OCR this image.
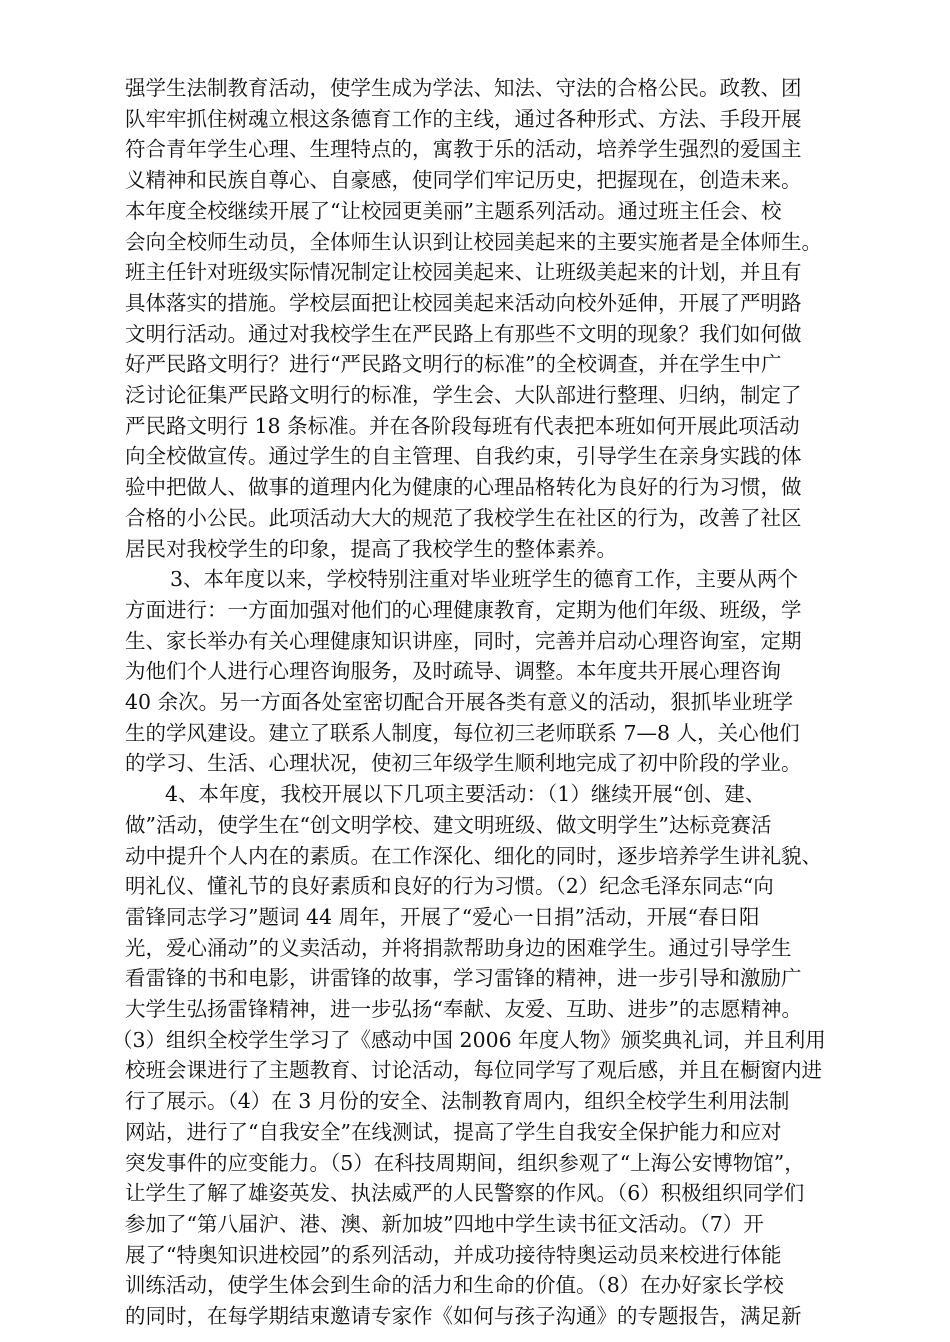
强学生法制教育活动，使学生成为学法、知法、守法的合格公民。政教、团
队牢牢抓住树魂立根这条德育工作的主线，通过各种形式、方法、手段开展
符合青年学生心理、生理特点的，寓教于乐的活动，培养学生强烈的爱国主
义精神和民族自尊心、自豪感，使同学们牢记历史，把握现在，创造未来。
本年度全校继续开展了“让校园更美丽”主题系列活动。通过班主任会、校
会向全校师生动员，全体师生认识到让校园美起来的主要实施者是全体师生。
班主任针对班级实际情况制定让校园美起来、让班级美起来的计划，并且有
具体落实的措施。学校层面把让校园美起来活动向校外延伸，开展了严明路
文明行活动。通过对我校学生在严民路上有那些不文明的现象？我们如何做
好严民路文明行？进行“严民路文明行的标准”的全校调查，并在学生中广
泛讨论征集严民路文明行的标准，学生会、大队部进行整理、归纳，制定了
严民路文明行 18 条标准。并在各阶段每班有代表把本班如何开展此项活动
向全校做宣传。通过学生的自主管理、自我约束，引导学生在亲身实践的体
验中把做人、做事的道理内化为健康的心理品格转化为良好的行为习惯，做
合格的小公民。此项活动大大的规范了我校学生在社区的行为，改善了社区
居民对我校学生的印象，提高了我校学生的整体素养。
3、本年度以来，学校特别注重对毕业班学生的德育工作，主要从两个
方面进行：一方面加强对他们的心理健康教育，定期为他们年级、班级，学
生、家长举办有关心理健康知识讲座，同时，完善并启动心理咨询室，定期
为他们个人进行心理咨询服务，及时疏导、调整。本年度共开展心理咨询
40 余次。另一方面各处室密切配合开展各类有意义的活动，狠抓毕业班学
生的学风建设。建立了联系人制度，每位初三老师联系 7—8 人，关心他们
的学习、生活、心理状况，使初三年级学生顺利地完成了初中阶段的学业。
4、本年度，我校开展以下几项主要活动：（1）继续开展“创、建、
做”活动，使学生在“创文明学校、建文明班级、做文明学生”达标竞赛活
动中提升个人内在的素质。在工作深化、细化的同时，逐步培养学生讲礼貌、
明礼仪、懂礼节的良好素质和良好的行为习惯。（2）纪念毛泽东同志“向
雷锋同志学习”题词 44 周年，开展了“爱心一日捐”活动，开展“春日阳
光，爱心涌动”的义卖活动，并将捐款帮助身边的困难学生。通过引导学生
看雷锋的书和电影，讲雷锋的故事，学习雷锋的精神，进一步引导和激励广
大学生弘扬雷锋精神，进一步弘扬“奉献、友爱、互助、进步”的志愿精神。
（3）组织全校学生学习了《感动中国 2006 年度人物》颁奖典礼词，并且利用
校班会课进行了主题教育、讨论活动，每位同学写了观后感，并且在橱窗内进
行了展示。（4）在 3 月份的安全、法制教育周内，组织全校学生利用法制
网站，进行了“自我安全”在线测试，提高了学生自我安全保护能力和应对
突发事件的应变能力。（5）在科技周期间，组织参观了“上海公安博物馆”，
让学生了解了雄姿英发、执法威严的人民警察的作风。（6）积极组织同学们
参加了“第八届沪、港、澳、新加坡”四地中学生读书征文活动。（7）开
展了“特奥知识进校园”的系列活动，并成功接待特奥运动员来校进行体能
训练活动，使学生体会到生命的活力和生命的价值。（8）在办好家长学校
的同时，在每学期结束邀请专家作《如何与孩子沟通》的专题报告，满足新
